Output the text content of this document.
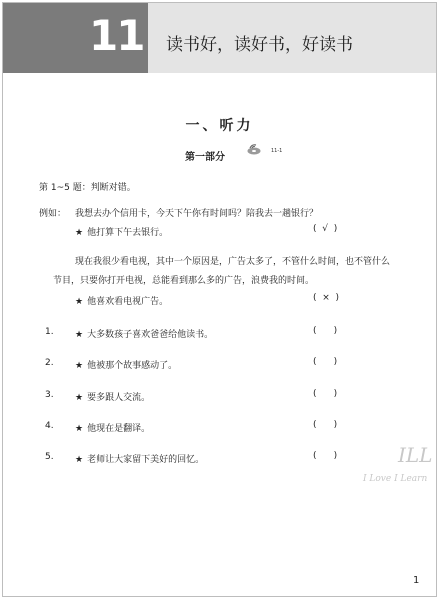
11	读书好，读好书，好读书
一、听力
第一部分
11-1
第 1~5 题：判断对错。
例如： 我想去办个信用卡，今天下午你有时间吗？陪我去一趟银行？
★ 他打算下午去银行。	(  √  )
现在我很少看电视，其中一个原因是，广告太多了，不管什么时间，也不管什么
节目，只要你打开电视，总能看到那么多的广告，浪费我的时间。
★ 他喜欢看电视广告。	(  ×  )
1. ★ 大多数孩子喜欢爸爸给他读书。	(      )
2. ★ 他被那个故事感动了。	(      )
3. ★ 要多跟人交流。	(      )
4. ★ 他现在是翻译。	(      )
5. ★ 老师让大家留下美好的回忆。	(      )	ILL
I Love I Learn
1
